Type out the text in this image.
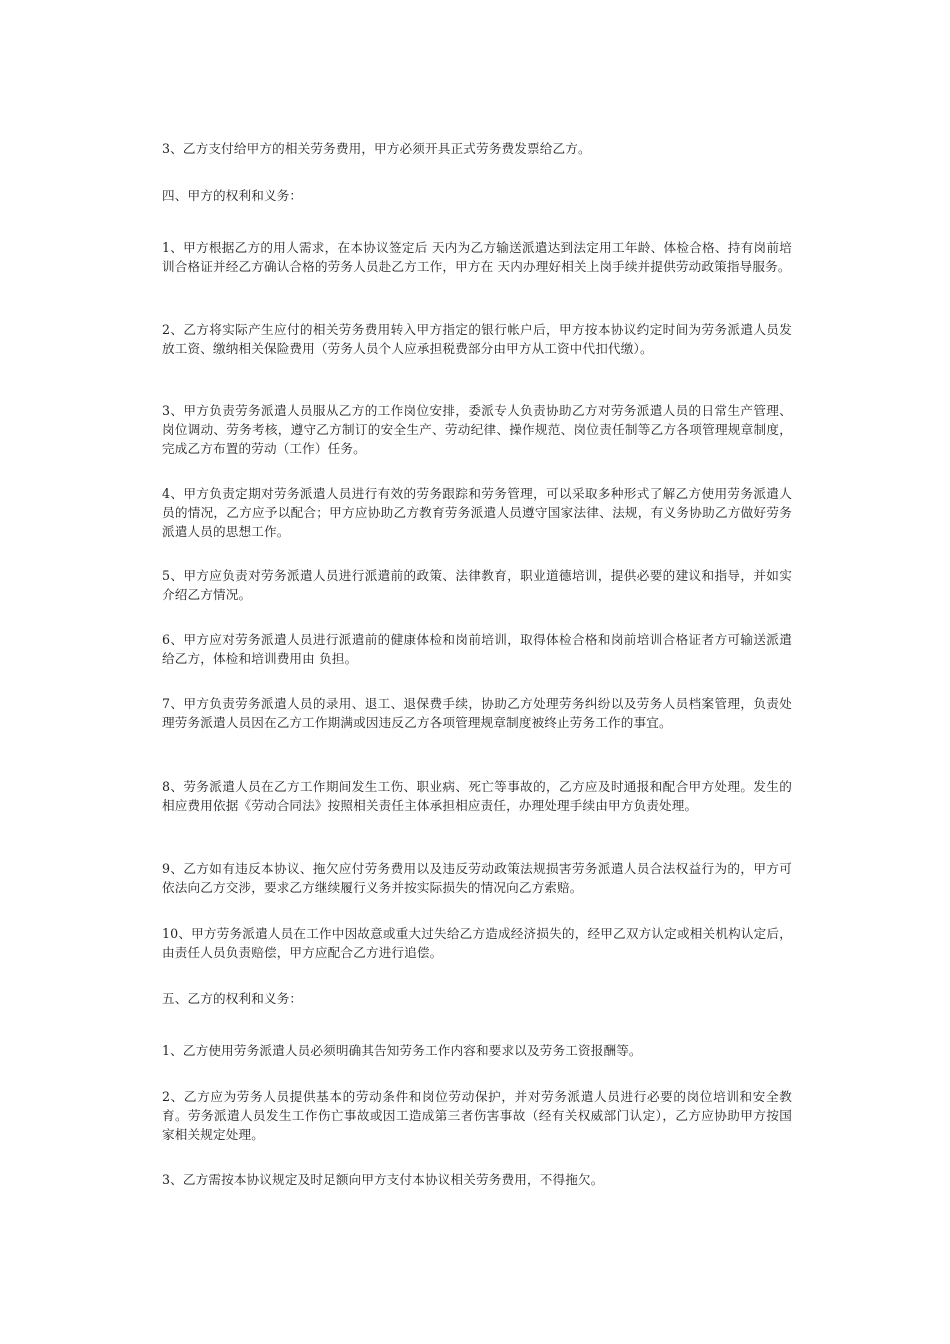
3、乙方支付给甲方的相关劳务费用，甲方必须开具正式劳务费发票给乙方。

四、甲方的权利和义务：

1、甲方根据乙方的用人需求，在本协议签定后 天内为乙方输送派遣达到法定用工年龄、体检合格、持有岗前培训合格证并经乙方确认合格的劳务人员赴乙方工作，甲方在 天内办理好相关上岗手续并提供劳动政策指导服务。

2、乙方将实际产生应付的相关劳务费用转入甲方指定的银行帐户后，甲方按本协议约定时间为劳务派遣人员发放工资、缴纳相关保险费用（劳务人员个人应承担税费部分由甲方从工资中代扣代缴）。

3、甲方负责劳务派遣人员服从乙方的工作岗位安排，委派专人负责协助乙方对劳务派遣人员的日常生产管理、岗位调动、劳务考核，遵守乙方制订的安全生产、劳动纪律、操作规范、岗位责任制等乙方各项管理规章制度，完成乙方布置的劳动（工作）任务。

4、甲方负责定期对劳务派遣人员进行有效的劳务跟踪和劳务管理，可以采取多种形式了解乙方使用劳务派遣人员的情况，乙方应予以配合；甲方应协助乙方教育劳务派遣人员遵守国家法律、法规，有义务协助乙方做好劳务派遣人员的思想工作。

5、甲方应负责对劳务派遣人员进行派遣前的政策、法律教育，职业道德培训，提供必要的建议和指导，并如实介绍乙方情况。

6、甲方应对劳务派遣人员进行派遣前的健康体检和岗前培训，取得体检合格和岗前培训合格证者方可输送派遣给乙方，体检和培训费用由 负担。

7、甲方负责劳务派遣人员的录用、退工、退保费手续，协助乙方处理劳务纠纷以及劳务人员档案管理，负责处理劳务派遣人员因在乙方工作期满或因违反乙方各项管理规章制度被终止劳务工作的事宜。

8、劳务派遣人员在乙方工作期间发生工伤、职业病、死亡等事故的，乙方应及时通报和配合甲方处理。发生的相应费用依据《劳动合同法》按照相关责任主体承担相应责任，办理处理手续由甲方负责处理。

9、乙方如有违反本协议、拖欠应付劳务费用以及违反劳动政策法规损害劳务派遣人员合法权益行为的，甲方可依法向乙方交涉，要求乙方继续履行义务并按实际损失的情况向乙方索赔。

10、甲方劳务派遣人员在工作中因故意或重大过失给乙方造成经济损失的，经甲乙双方认定或相关机构认定后，由责任人员负责赔偿，甲方应配合乙方进行追偿。

五、乙方的权利和义务：

1、乙方使用劳务派遣人员必须明确其告知劳务工作内容和要求以及劳务工资报酬等。

2、乙方应为劳务人员提供基本的劳动条件和岗位劳动保护，并对劳务派遣人员进行必要的岗位培训和安全教育。劳务派遣人员发生工作伤亡事故或因工造成第三者伤害事故（经有关权威部门认定），乙方应协助甲方按国家相关规定处理。

3、乙方需按本协议规定及时足额向甲方支付本协议相关劳务费用，不得拖欠。
